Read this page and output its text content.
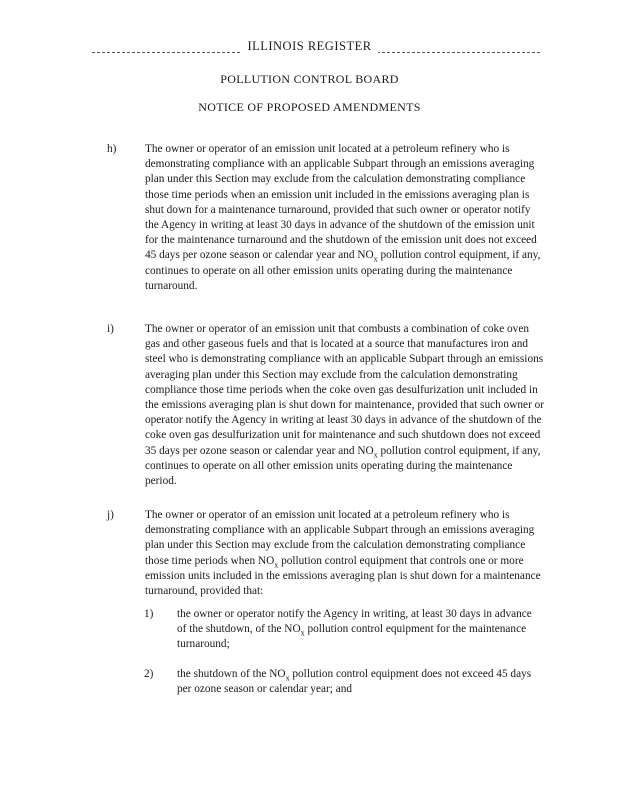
ILLINOIS REGISTER
POLLUTION CONTROL BOARD
NOTICE OF PROPOSED AMENDMENTS
h)	The owner or operator of an emission unit located at a petroleum refinery who is demonstrating compliance with an applicable Subpart through an emissions averaging plan under this Section may exclude from the calculation demonstrating compliance those time periods when an emission unit included in the emissions averaging plan is shut down for a maintenance turnaround, provided that such owner or operator notify the Agency in writing at least 30 days in advance of the shutdown of the emission unit for the maintenance turnaround and the shutdown of the emission unit does not exceed 45 days per ozone season or calendar year and $NO_x$ pollution control equipment, if any, continues to operate on all other emission units operating during the maintenance turnaround.
i)	The owner or operator of an emission unit that combusts a combination of coke oven gas and other gaseous fuels and that is located at a source that manufactures iron and steel who is demonstrating compliance with an applicable Subpart through an emissions averaging plan under this Section may exclude from the calculation demonstrating compliance those time periods when the coke oven gas desulfurization unit included in the emissions averaging plan is shut down for maintenance, provided that such owner or operator notify the Agency in writing at least 30 days in advance of the shutdown of the coke oven gas desulfurization unit for maintenance and such shutdown does not exceed 35 days per ozone season or calendar year and $NO_x$ pollution control equipment, if any, continues to operate on all other emission units operating during the maintenance period.
j)	The owner or operator of an emission unit located at a petroleum refinery who is demonstrating compliance with an applicable Subpart through an emissions averaging plan under this Section may exclude from the calculation demonstrating compliance those time periods when $NO_x$ pollution control equipment that controls one or more emission units included in the emissions averaging plan is shut down for a maintenance turnaround, provided that:
1) the owner or operator notify the Agency in writing, at least 30 days in advance of the shutdown, of the $NO_x$ pollution control equipment for the maintenance turnaround;
2) the shutdown of the $NO_x$ pollution control equipment does not exceed 45 days per ozone season or calendar year; and
